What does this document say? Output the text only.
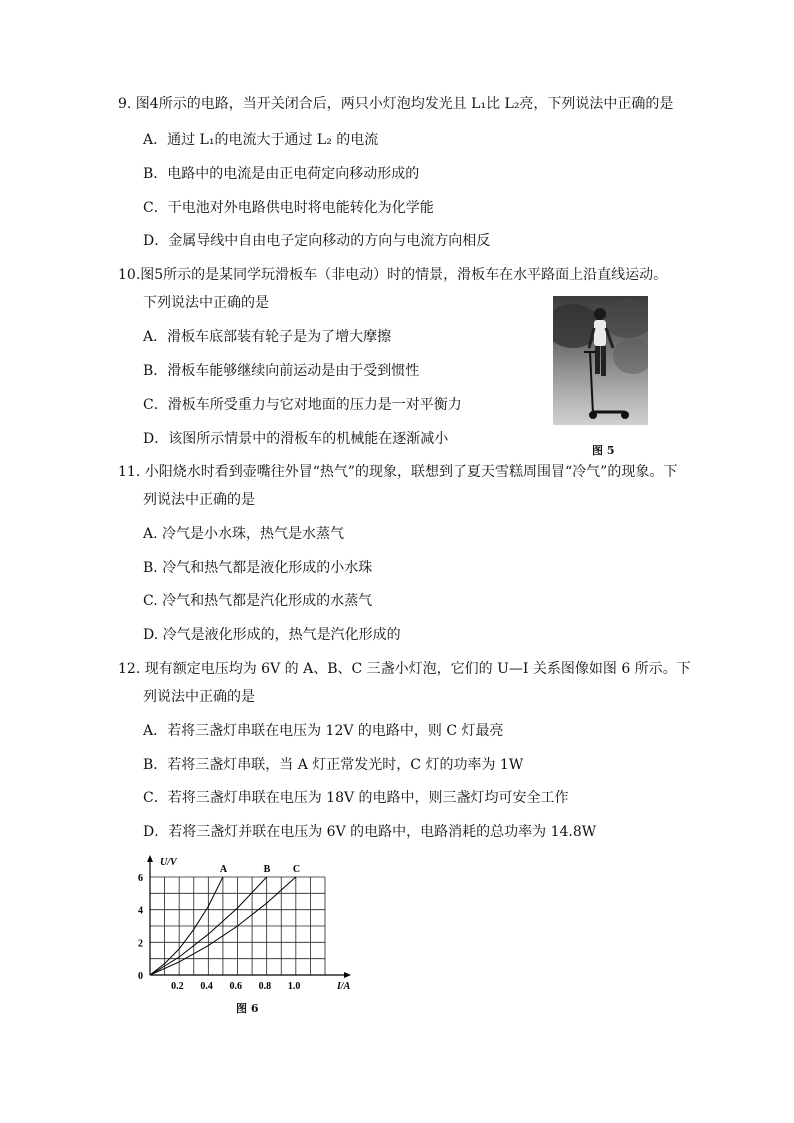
9. 图4所示的电路，当开关闭合后，两只小灯泡均发光且 L₁比 L₂亮，下列说法中正确的是
A．通过 L₁的电流大于通过 L₂ 的电流
B．电路中的电流是由正电荷定向移动形成的
C．干电池对外电路供电时将电能转化为化学能
D．金属导线中自由电子定向移动的方向与电流方向相反
10.图5所示的是某同学玩滑板车（非电动）时的情景，滑板车在水平路面上沿直线运动。
下列说法中正确的是
A．滑板车底部装有轮子是为了增大摩擦
B．滑板车能够继续向前运动是由于受到惯性
C．滑板车所受重力与它对地面的压力是一对平衡力
D．该图所示情景中的滑板车的机械能在逐渐减小
图 5
11. 小阳烧水时看到壶嘴往外冒“热气”的现象，联想到了夏天雪糕周围冒“冷气”的现象。下
列说法中正确的是
A. 冷气是小水珠，热气是水蒸气
B. 冷气和热气都是液化形成的小水珠
C. 冷气和热气都是汽化形成的水蒸气
D. 冷气是液化形成的，热气是汽化形成的
12. 现有额定电压均为 6V 的 A、B、C 三盏小灯泡，它们的 U—I 关系图像如图 6 所示。下
列说法中正确的是
A．若将三盏灯串联在电压为 12V 的电路中，则 C 灯最亮
B．若将三盏灯串联，当 A 灯正常发光时，C 灯的功率为 1W
C．若将三盏灯串联在电压为 18V 的电路中，则三盏灯均可安全工作
D．若将三盏灯并联在电压为 6V 的电路中，电路消耗的总功率为 14.8W
A	B C
0.2 0.4 0.6 0.8 1.0
0
2
4
6
I/A
U/V
图 6
